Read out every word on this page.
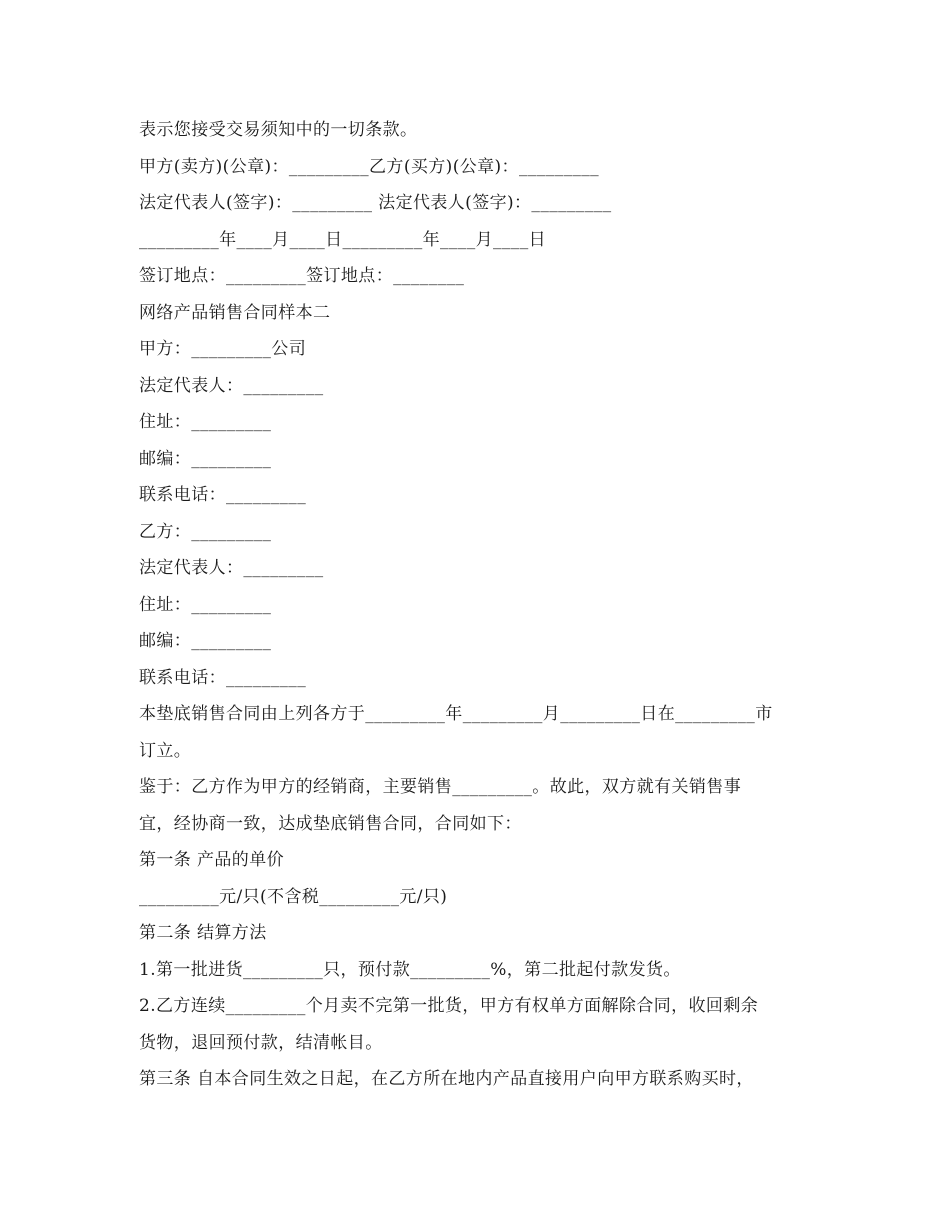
表示您接受交易须知中的一切条款。
甲方(卖方)(公章)：_________乙方(买方)(公章)：_________
法定代表人(签字)：_________ 法定代表人(签字)：_________
_________年____月____日_________年____月____日
签订地点：_________签订地点：________
网络产品销售合同样本二
甲方：_________公司
法定代表人：_________
住址：_________
邮编：_________
联系电话：_________
乙方：_________
法定代表人：_________
住址：_________
邮编：_________
联系电话：_________
本垫底销售合同由上列各方于_________年_________月_________日在_________市
订立。
鉴于：乙方作为甲方的经销商，主要销售_________。故此，双方就有关销售事
宜，经协商一致，达成垫底销售合同，合同如下：
第一条 产品的单价
_________元/只(不含税_________元/只)
第二条 结算方法
1.第一批进货_________只，预付款_________%，第二批起付款发货。
2.乙方连续_________个月卖不完第一批货，甲方有权单方面解除合同，收回剩余
货物，退回预付款，结清帐目。
第三条 自本合同生效之日起，在乙方所在地内产品直接用户向甲方联系购买时，
